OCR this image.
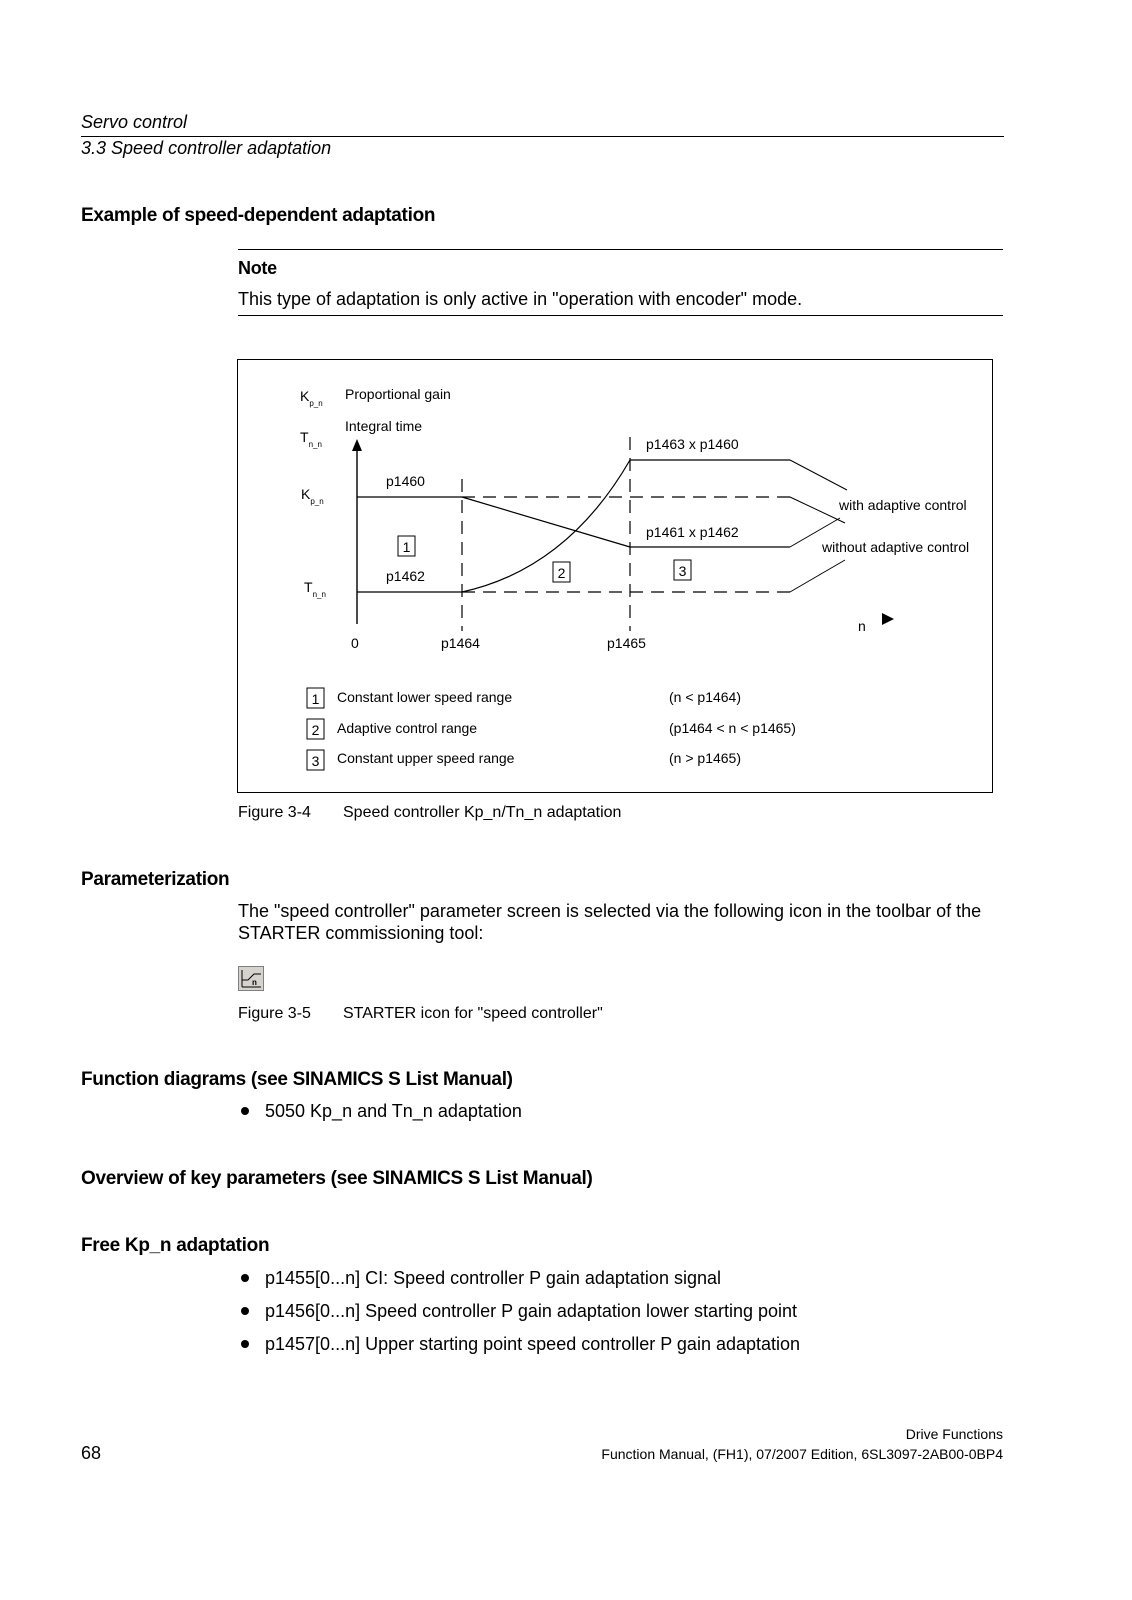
Servo control
3.3 Speed controller adaptation
Example of speed-dependent adaptation
Note
This type of adaptation is only active in "operation with encoder" mode.
$K_{p\_n}$
Proportional gain
$T_{n\_n}$
Integral time
$K_{p\_n}$
$T_{n\_n}$
p1460
p1462
p1463 x p1460
p1461 x p1462
with adaptive control
without adaptive control
1
2	3
0	p1464	p1465
n
1 Constant lower speed range	(n < p1464)
2 Adaptive control range	(p1464 < n < p1465)
3 Constant upper speed range	(n > p1465)
Figure 3-4 Speed controller Kp_n/Tn_n adaptation
Parameterization
The "speed controller" parameter screen is selected via the following icon in the toolbar of the STARTER commissioning tool:
n
Figure 3-5 STARTER icon for "speed controller"
Function diagrams (see SINAMICS S List Manual)
5050 Kp_n and Tn_n adaptation
Overview of key parameters (see SINAMICS S List Manual)
Free Kp_n adaptation
p1455[0...n] CI: Speed controller P gain adaptation signal
p1456[0...n] Speed controller P gain adaptation lower starting point
p1457[0...n] Upper starting point speed controller P gain adaptation
68
Drive Functions
Function Manual, (FH1), 07/2007 Edition, 6SL3097-2AB00-0BP4
